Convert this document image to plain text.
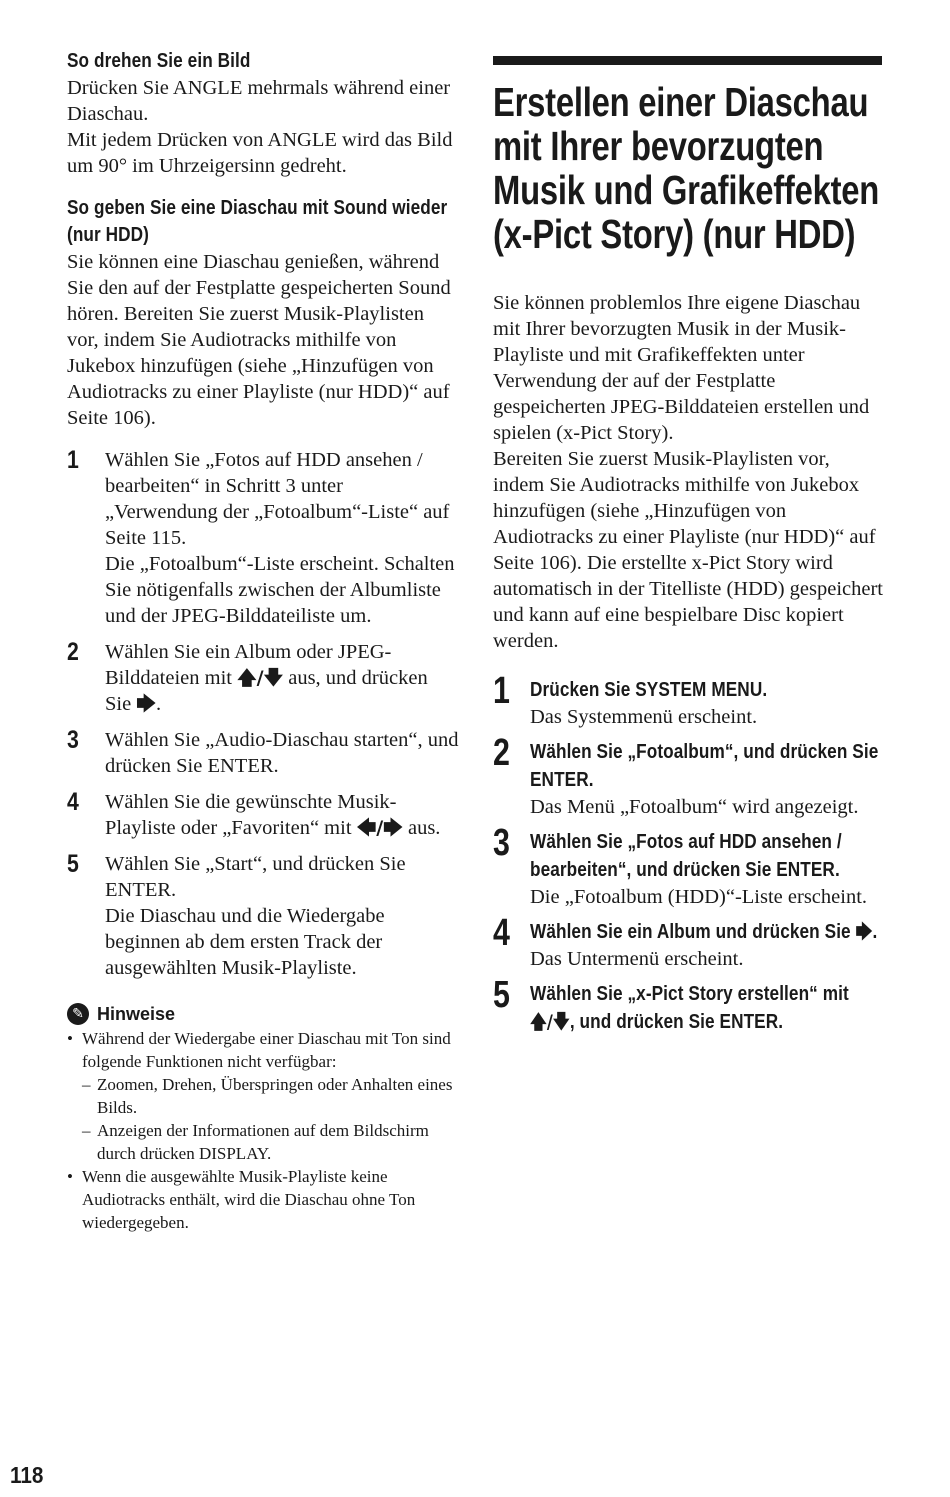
So drehen Sie ein Bild

Drücken Sie ANGLE mehrmals während einer Diaschau.
Mit jedem Drücken von ANGLE wird das Bild um 90° im Uhrzeigersinn gedreht.

So geben Sie eine Diaschau mit Sound wieder (nur HDD)

Sie können eine Diaschau genießen, während Sie den auf der Festplatte gespeicherten Sound hören. Bereiten Sie zuerst Musik-Playlisten vor, indem Sie Audiotracks mithilfe von Jukebox hinzufügen (siehe „Hinzufügen von Audiotracks zu einer Playliste (nur HDD)“ auf Seite 106).

1 Wählen Sie „Fotos auf HDD ansehen / bearbeiten“ in Schritt 3 unter „Verwendung der „Fotoalbum“-Liste“ auf Seite 115.
Die „Fotoalbum“-Liste erscheint. Schalten Sie nötigenfalls zwischen der Albumliste und der JPEG-Bilddateiliste um.

2 Wählen Sie ein Album oder JPEG-Bilddateien mit 🡅/🡇 aus, und drücken Sie 🡆.

3 Wählen Sie „Audio-Diaschau starten“, und drücken Sie ENTER.

4 Wählen Sie die gewünschte Musik-Playliste oder „Favoriten“ mit 🡄/🡆 aus.

5 Wählen Sie „Start“, und drücken Sie ENTER.
Die Diaschau und die Wiedergabe beginnen ab dem ersten Track der ausgewählten Musik-Playliste.

✎ Hinweise
• Während der Wiedergabe einer Diaschau mit Ton sind folgende Funktionen nicht verfügbar:
– Zoomen, Drehen, Überspringen oder Anhalten eines Bilds.
– Anzeigen der Informationen auf dem Bildschirm durch drücken DISPLAY.
• Wenn die ausgewählte Musik-Playliste keine Audiotracks enthält, wird die Diaschau ohne Ton wiedergegeben.
Erstellen einer Diaschau mit Ihrer bevorzugten Musik und Grafikeffekten (x-Pict Story) (nur HDD)

Sie können problemlos Ihre eigene Diaschau mit Ihrer bevorzugten Musik in der Musik-Playliste und mit Grafikeffekten unter Verwendung der auf der Festplatte gespeicherten JPEG-Bilddateien erstellen und spielen (x-Pict Story).
Bereiten Sie zuerst Musik-Playlisten vor, indem Sie Audiotracks mithilfe von Jukebox hinzufügen (siehe „Hinzufügen von Audiotracks zu einer Playliste (nur HDD)“ auf Seite 106). Die erstellte x-Pict Story wird automatisch in der Titelliste (HDD) gespeichert und kann auf eine bespielbare Disc kopiert werden.

1 Drücken Sie SYSTEM MENU.

Das Systemmenü erscheint.

2 Wählen Sie „Fotoalbum“, und drücken Sie ENTER.

Das Menü „Fotoalbum“ wird angezeigt.

3 Wählen Sie „Fotos auf HDD ansehen / bearbeiten“, und drücken Sie ENTER.

Die „Fotoalbum (HDD)“-Liste erscheint.

4 Wählen Sie ein Album und drücken Sie 🡆.

Das Untermenü erscheint.

5 Wählen Sie „x-Pict Story erstellen“ mit 🡅/🡇, und drücken Sie ENTER.
118
